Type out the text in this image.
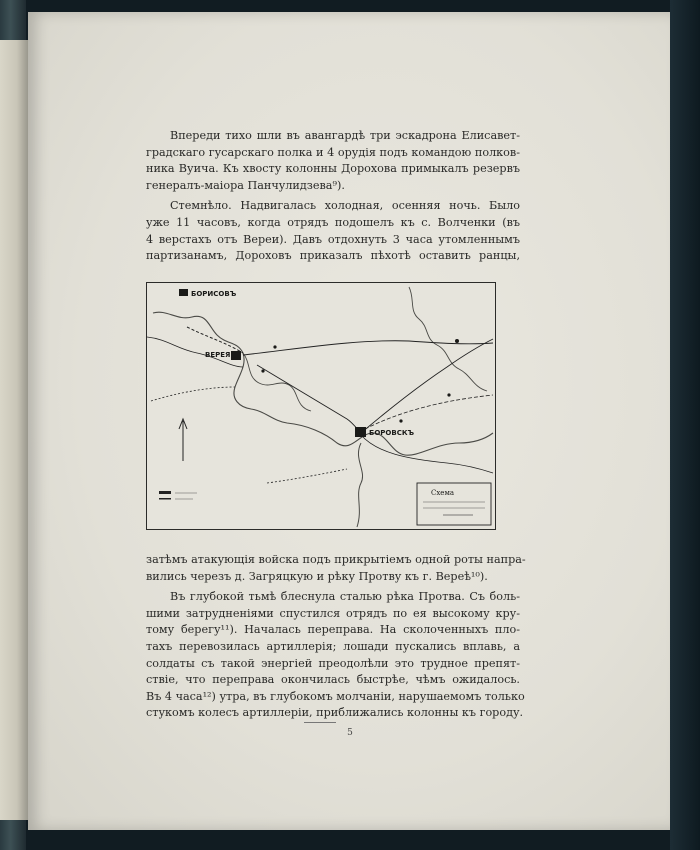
Впереди тихо шли въ авангардѣ три эскадрона Елисавет-
градскаго гусарскаго полка и 4 орудія подъ командою полков-
ника Вуича. Къ хвосту колонны Дорохова примыкалъ резервъ
генералъ-маіора Панчулидзева⁹).

Стемнѣло. Надвигалась холодная, осенняя ночь. Было
уже 11 часовъ, когда отрядъ подошелъ къ с. Волченки (въ
4 верстахъ отъ Вереи). Давъ отдохнуть 3 часа утомленнымъ
партизанамъ, Дороховъ приказалъ пѣхотѣ оставить ранцы,

БОРИСОВЪ
ВЕРЕЯ
БОРОВСКЪ
Схема

затѣмъ атакующія войска подъ прикрытіемъ одной роты напра-
вились черезъ д. Загряцкую и рѣку Протву къ г. Вереѣ¹⁰).

Въ глубокой тьмѣ блеснула сталью рѣка Протва. Съ боль-
шими затрудненіями спустился отрядъ по ея высокому кру-
тому берегу¹¹). Началась переправа. На сколоченныхъ пло-
тахъ перевозилась артиллерія; лошади пускались вплавь, а
солдаты съ такой энергіей преодолѣли это трудное препят-
ствіе, что переправа окончилась быстрѣе, чѣмъ ожидалось.
Въ 4 часа¹²) утра, въ глубокомъ молчаніи, нарушаемомъ только
стукомъ колесъ артиллеріи, приближались колонны къ городу.

5
